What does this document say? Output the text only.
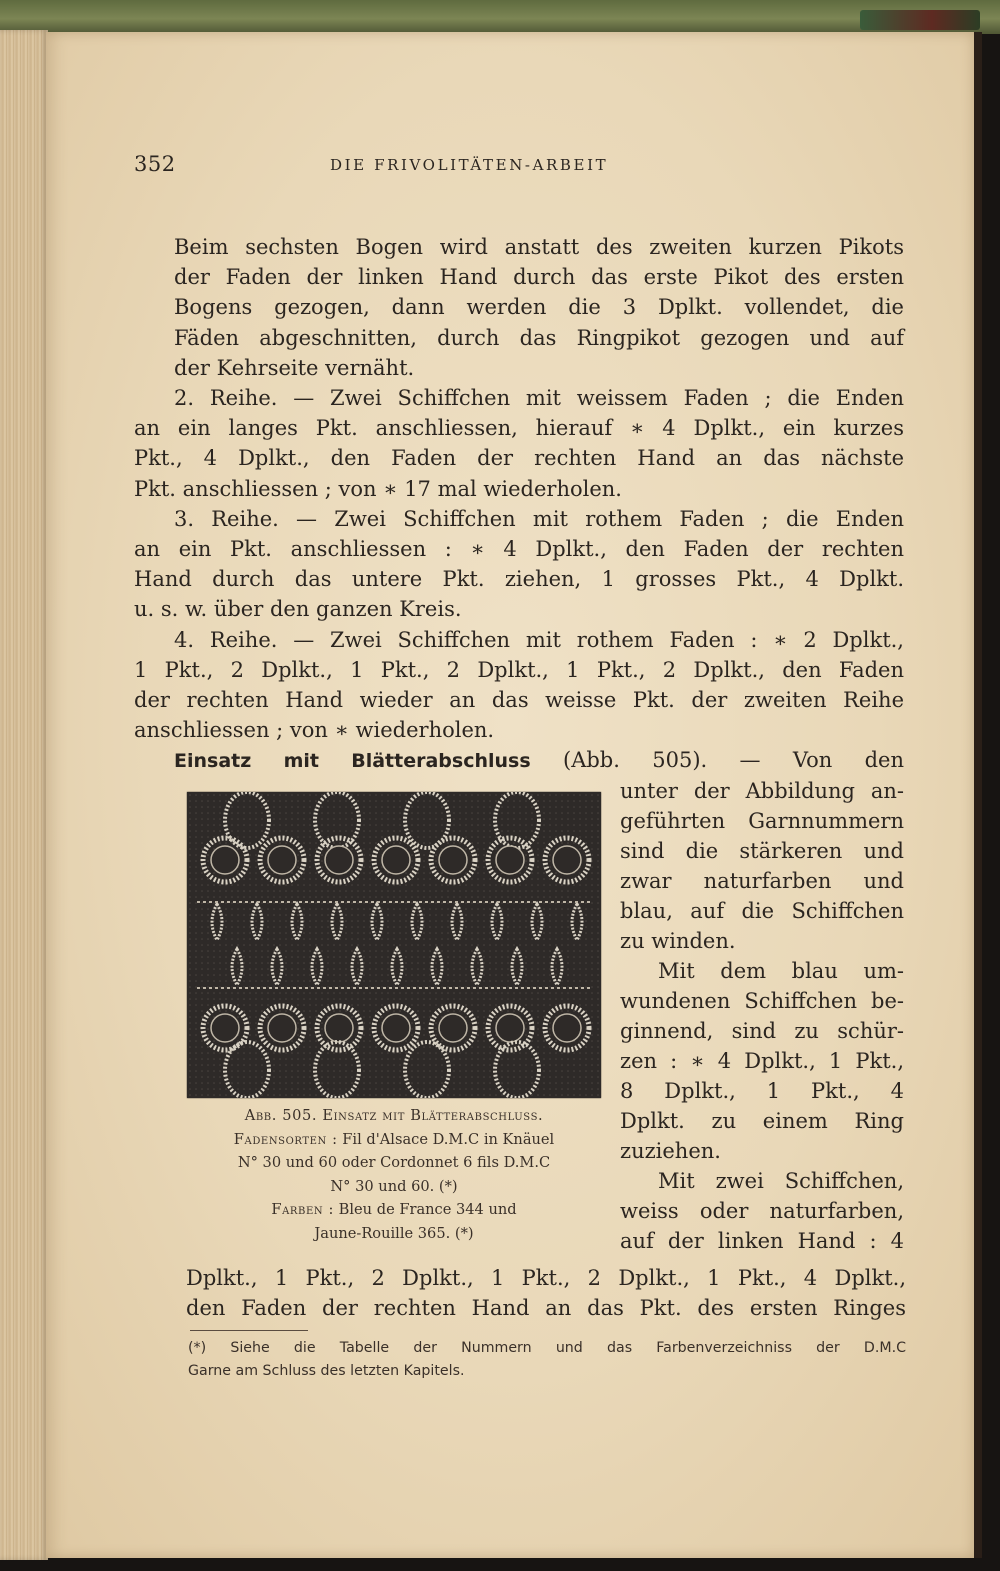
352	DIE FRIVOLITÄTEN-ARBEIT

Beim sechsten Bogen wird anstatt des zweiten kurzen Pikots
der Faden der linken Hand durch das erste Pikot des ersten
Bogens gezogen, dann werden die 3 Dplkt. vollendet, die
Fäden abgeschnitten, durch das Ringpikot gezogen und auf
der Kehrseite vernäht.

2. Reihe. — Zwei Schiffchen mit weissem Faden ; die Enden
an ein langes Pkt. anschliessen, hierauf ∗ 4 Dplkt., ein kurzes
Pkt., 4 Dplkt., den Faden der rechten Hand an das nächste
Pkt. anschliessen ; von ∗ 17 mal wiederholen.

3. Reihe. — Zwei Schiffchen mit rothem Faden ; die Enden
an ein Pkt. anschliessen : ∗ 4 Dplkt., den Faden der rechten
Hand durch das untere Pkt. ziehen, 1 grosses Pkt., 4 Dplkt.
u. s. w. über den ganzen Kreis.

4. Reihe. — Zwei Schiffchen mit rothem Faden : ∗ 2 Dplkt.,
1 Pkt., 2 Dplkt., 1 Pkt., 2 Dplkt., 1 Pkt., 2 Dplkt., den Faden
der rechten Hand wieder an das weisse Pkt. der zweiten Reihe
anschliessen ; von ∗ wiederholen.

Einsatz mit Blätterabschluss (Abb. 505). — Von den

Abb. 505. Einsatz mit Blätterabschluss.
Fadensorten : Fil d'Alsace D.M.C in Knäuel
N° 30 und 60 oder Cordonnet 6 fils D.M.C
N° 30 und 60. (*)
Farben : Bleu de France 344 und
Jaune-Rouille 365. (*)
unter der Abbildung an-
geführten Garnnummern
sind die stärkeren und
zwar naturfarben und
blau, auf die Schiffchen
zu winden.
Mit dem blau um-
wundenen Schiffchen be-
ginnend, sind zu schür-
zen : ∗ 4 Dplkt., 1 Pkt.,
8 Dplkt., 1 Pkt., 4
Dplkt. zu einem Ring
zuziehen.
Mit zwei Schiffchen,
weiss oder naturfarben,
auf der linken Hand : 4
Dplkt., 1 Pkt., 2 Dplkt., 1 Pkt., 2 Dplkt., 1 Pkt., 4 Dplkt.,
den Faden der rechten Hand an das Pkt. des ersten Ringes
(*) Siehe die Tabelle der Nummern und das Farbenverzeichniss der D.M.C
Garne am Schluss des letzten Kapitels.
